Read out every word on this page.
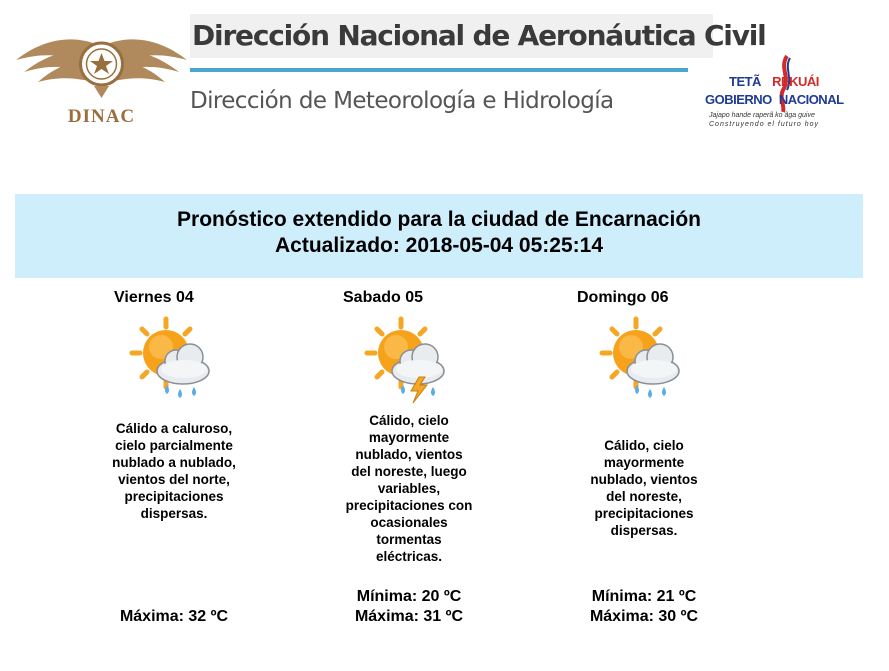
DINAC
Dirección Nacional de Aeronáutica Civil
Dirección de Meteorología e Hidrología
TETÃ REKUÁI
GOBIERNO NACIONAL
Jajapo hande raperã ko ãga guive
Construyendo el futuro hoy
Pronóstico extendido para la ciudad de Encarnación
Actualizado: 2018-05-04 05:25:14
Viernes 04
Cálido a caluroso, cielo parcialmente nublado a nublado, vientos del norte, precipitaciones dispersas.
Máxima: 32 ºC
Sabado 05
Cálido, cielo mayormente nublado, vientos del noreste, luego variables, precipitaciones con ocasionales tormentas eléctricas.
Mínima: 20 ºC
Máxima: 31 ºC
Domingo 06
Cálido, cielo mayormente nublado, vientos del noreste, precipitaciones dispersas.
Mínima: 21 ºC
Máxima: 30 ºC
